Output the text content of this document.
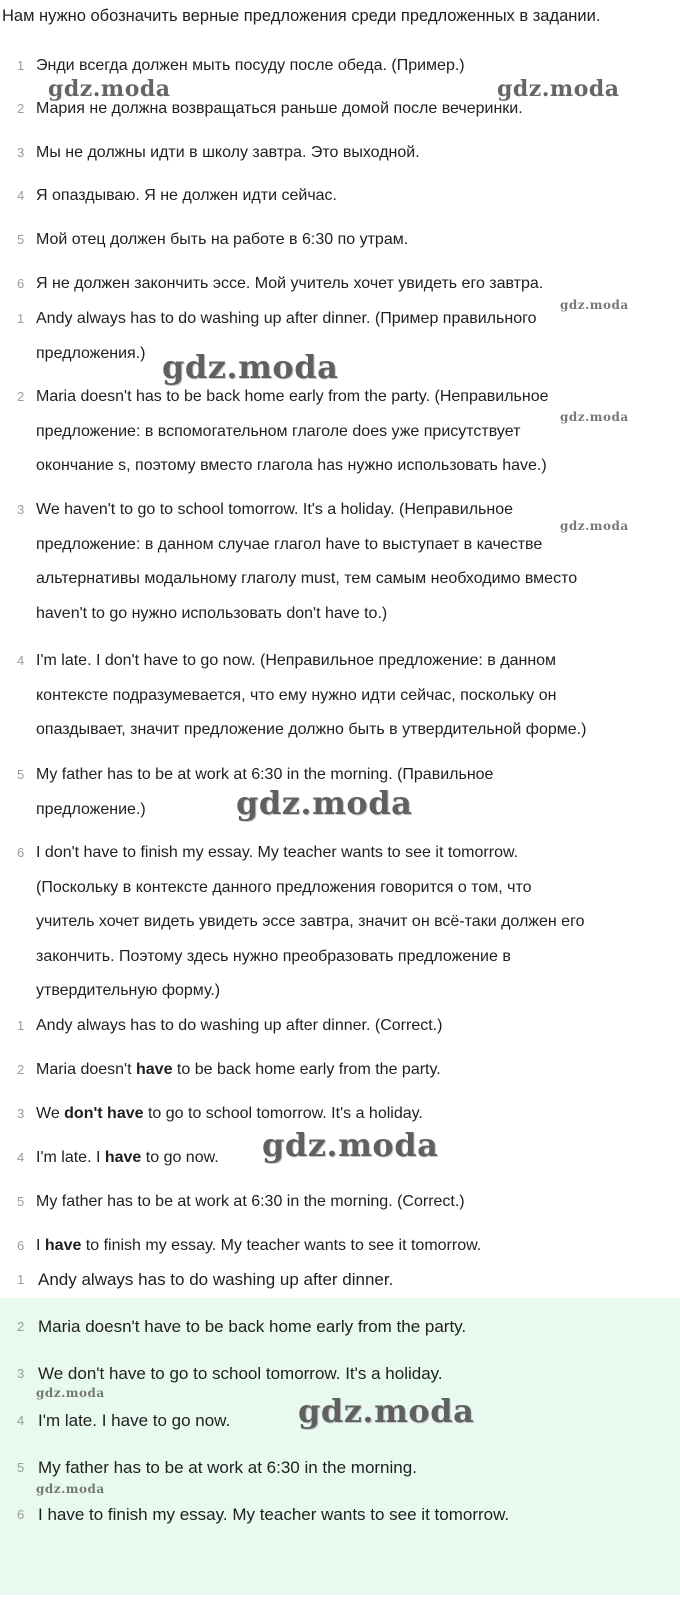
Нам нужно обозначить верные предложения среди предложенных в задании.
1 Энди всегда должен мыть посуду после обеда. (Пример.)
2 Мария не должна возвращаться раньше домой после вечеринки.
3 Мы не должны идти в школу завтра. Это выходной.
4 Я опаздываю. Я не должен идти сейчас.
5 Мой отец должен быть на работе в 6:30 по утрам.
6 Я не должен закончить эссе. Мой учитель хочет увидеть его завтра.
1 Andy always has to do washing up after dinner. (Пример правильного
предложения.)
2 Maria doesn't has to be back home early from the party. (Неправильное
предложение: в вспомогательном глаголе does уже присутствует
окончание s, поэтому вместо глагола has нужно использовать have.)
3 We haven't to go to school tomorrow. It's a holiday. (Неправильное
предложение: в данном случае глагол have to выступает в качестве
альтернативы модальному глаголу must, тем самым необходимо вместо
haven't to go нужно использовать don't have to.)
4 I'm late. I don't have to go now. (Неправильное предложение: в данном
контексте подразумевается, что ему нужно идти сейчас, поскольку он
опаздывает, значит предложение должно быть в утвердительной форме.)
5 My father has to be at work at 6:30 in the morning. (Правильное
предложение.)
6 I don't have to finish my essay. My teacher wants to see it tomorrow.
(Поскольку в контексте данного предложения говорится о том, что
учитель хочет видеть увидеть эссе завтра, значит он всё-таки должен его
закончить. Поэтому здесь нужно преобразовать предложение в
утвердительную форму.)
1 Andy always has to do washing up after dinner. (Correct.)
2 Maria doesn't have to be back home early from the party.
3 We don't have to go to school tomorrow. It's a holiday.
4 I'm late. I have to go now.
5 My father has to be at work at 6:30 in the morning. (Correct.)
6 I have to finish my essay. My teacher wants to see it tomorrow.
1 Andy always has to do washing up after dinner.
2 Maria doesn't have to be back home early from the party.
3 We don't have to go to school tomorrow. It's a holiday.
4 I'm late. I have to go now.
5 My father has to be at work at 6:30 in the morning.
6 I have to finish my essay. My teacher wants to see it tomorrow.
gdz.moda	gdz.moda
gdz.moda
gdz.moda
gdz.moda
gdz.moda
gdz.moda
gdz.moda
gdz.moda	gdz.moda
gdz.moda
